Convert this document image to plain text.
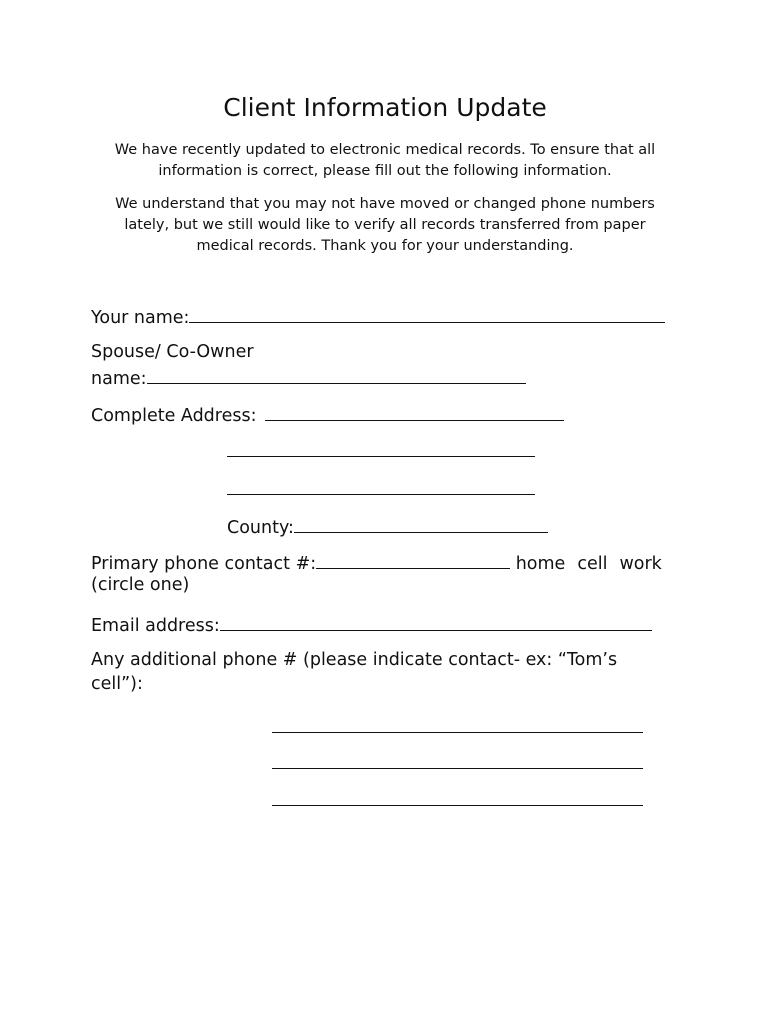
Client Information Update

We have recently updated to electronic medical records. To ensure that all information is correct, please fill out the following information.

We understand that you may not have moved or changed phone numbers lately, but we still would like to verify all records transferred from paper medical records. Thank you for your understanding.

Your name:
Spouse/ Co-Owner
name:
Complete Address:
County:
Primary phone contact #:	home cell work
(circle one)
Email address:
Any additional phone # (please indicate contact- ex: “Tom’s
cell”):
